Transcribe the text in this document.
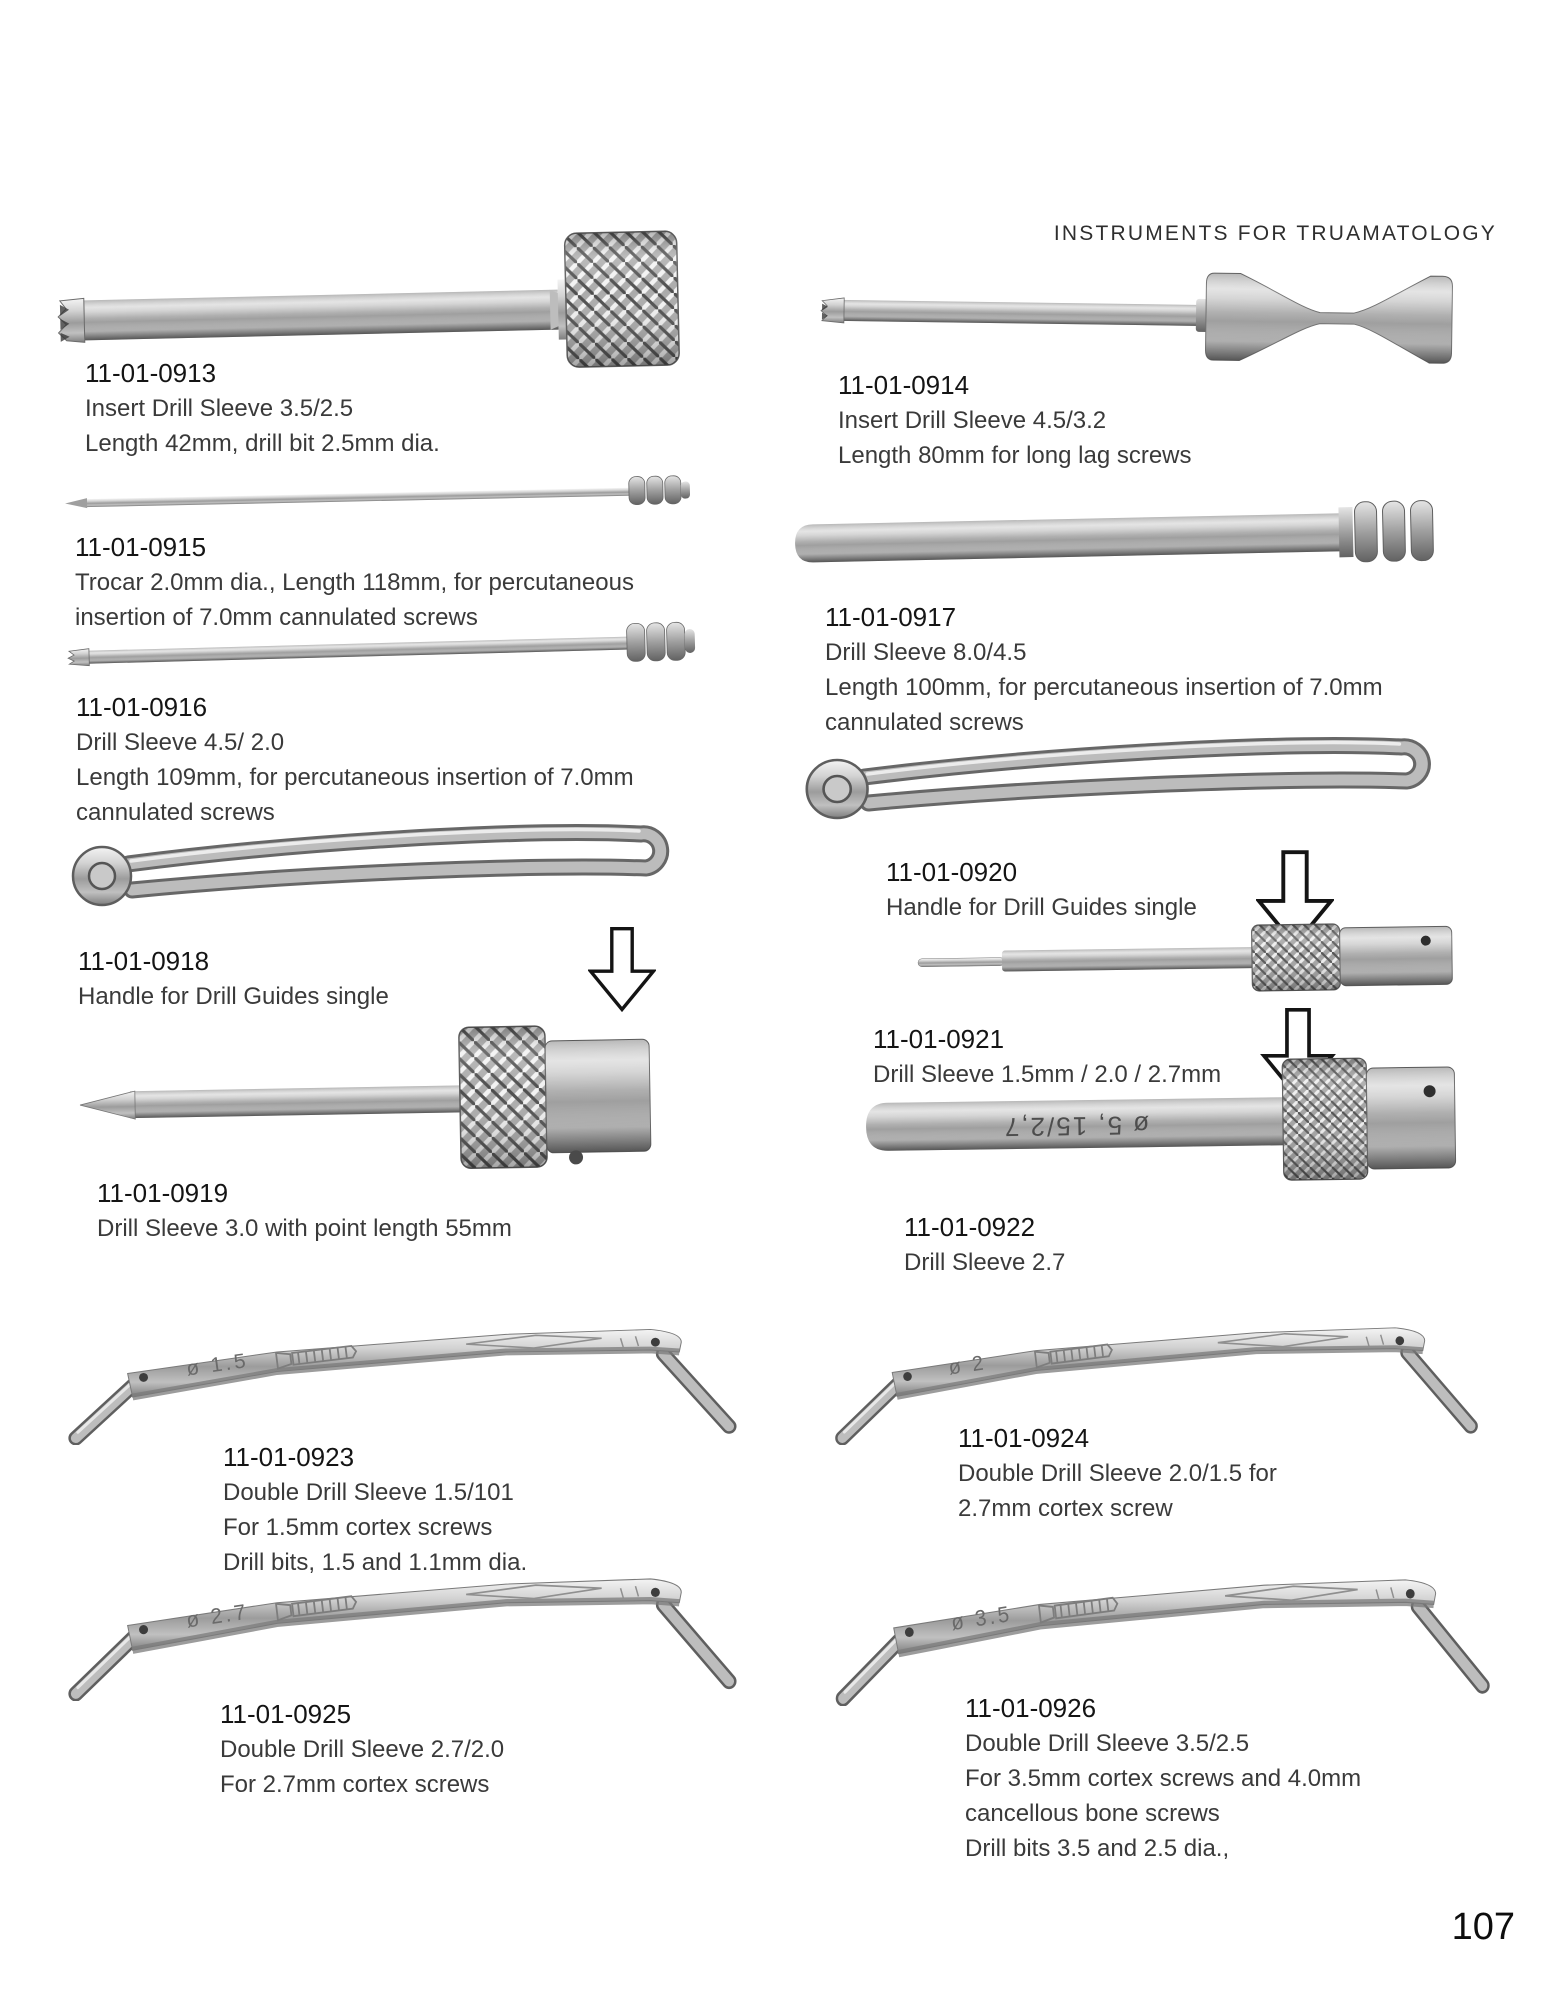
INSTRUMENTS FOR TRUAMATOLOGY
11-01-0913
Insert Drill Sleeve 3.5/2.5
Length 42mm, drill bit 2.5mm dia.
11-01-0914
Insert Drill Sleeve 4.5/3.2
Length 80mm for long lag screws
11-01-0915
Trocar 2.0mm dia., Length 118mm, for percutaneous
insertion of 7.0mm cannulated screws	11-01-0917
Drill Sleeve 8.0/4.5
Length 100mm, for percutaneous insertion of 7.0mm
cannulated screws
11-01-0916
Drill Sleeve 4.5/ 2.0
Length 109mm, for percutaneous insertion of 7.0mm
cannulated screws
11-01-0920
Handle for Drill Guides single
11-01-0918
Handle for Drill Guides single
11-01-0921
Drill Sleeve 1.5mm / 2.0 / 2.7mm
11-01-0919
Drill Sleeve 3.0 with point length 55mm
ø 5, 15/2,7
11-01-0922
Drill Sleeve 2.7
ø 1.5
11-01-0923
Double Drill Sleeve 1.5/101
For 1.5mm cortex screws
Drill bits, 1.5 and 1.1mm dia.
ø 2
11-01-0924
Double Drill Sleeve 2.0/1.5 for
2.7mm cortex screw
ø 2.7
11-01-0925
Double Drill Sleeve 2.7/2.0
For 2.7mm cortex screws
ø 3.5
11-01-0926
Double Drill Sleeve 3.5/2.5
For 3.5mm cortex screws and 4.0mm
cancellous bone screws
Drill bits 3.5 and 2.5 dia.,
107
